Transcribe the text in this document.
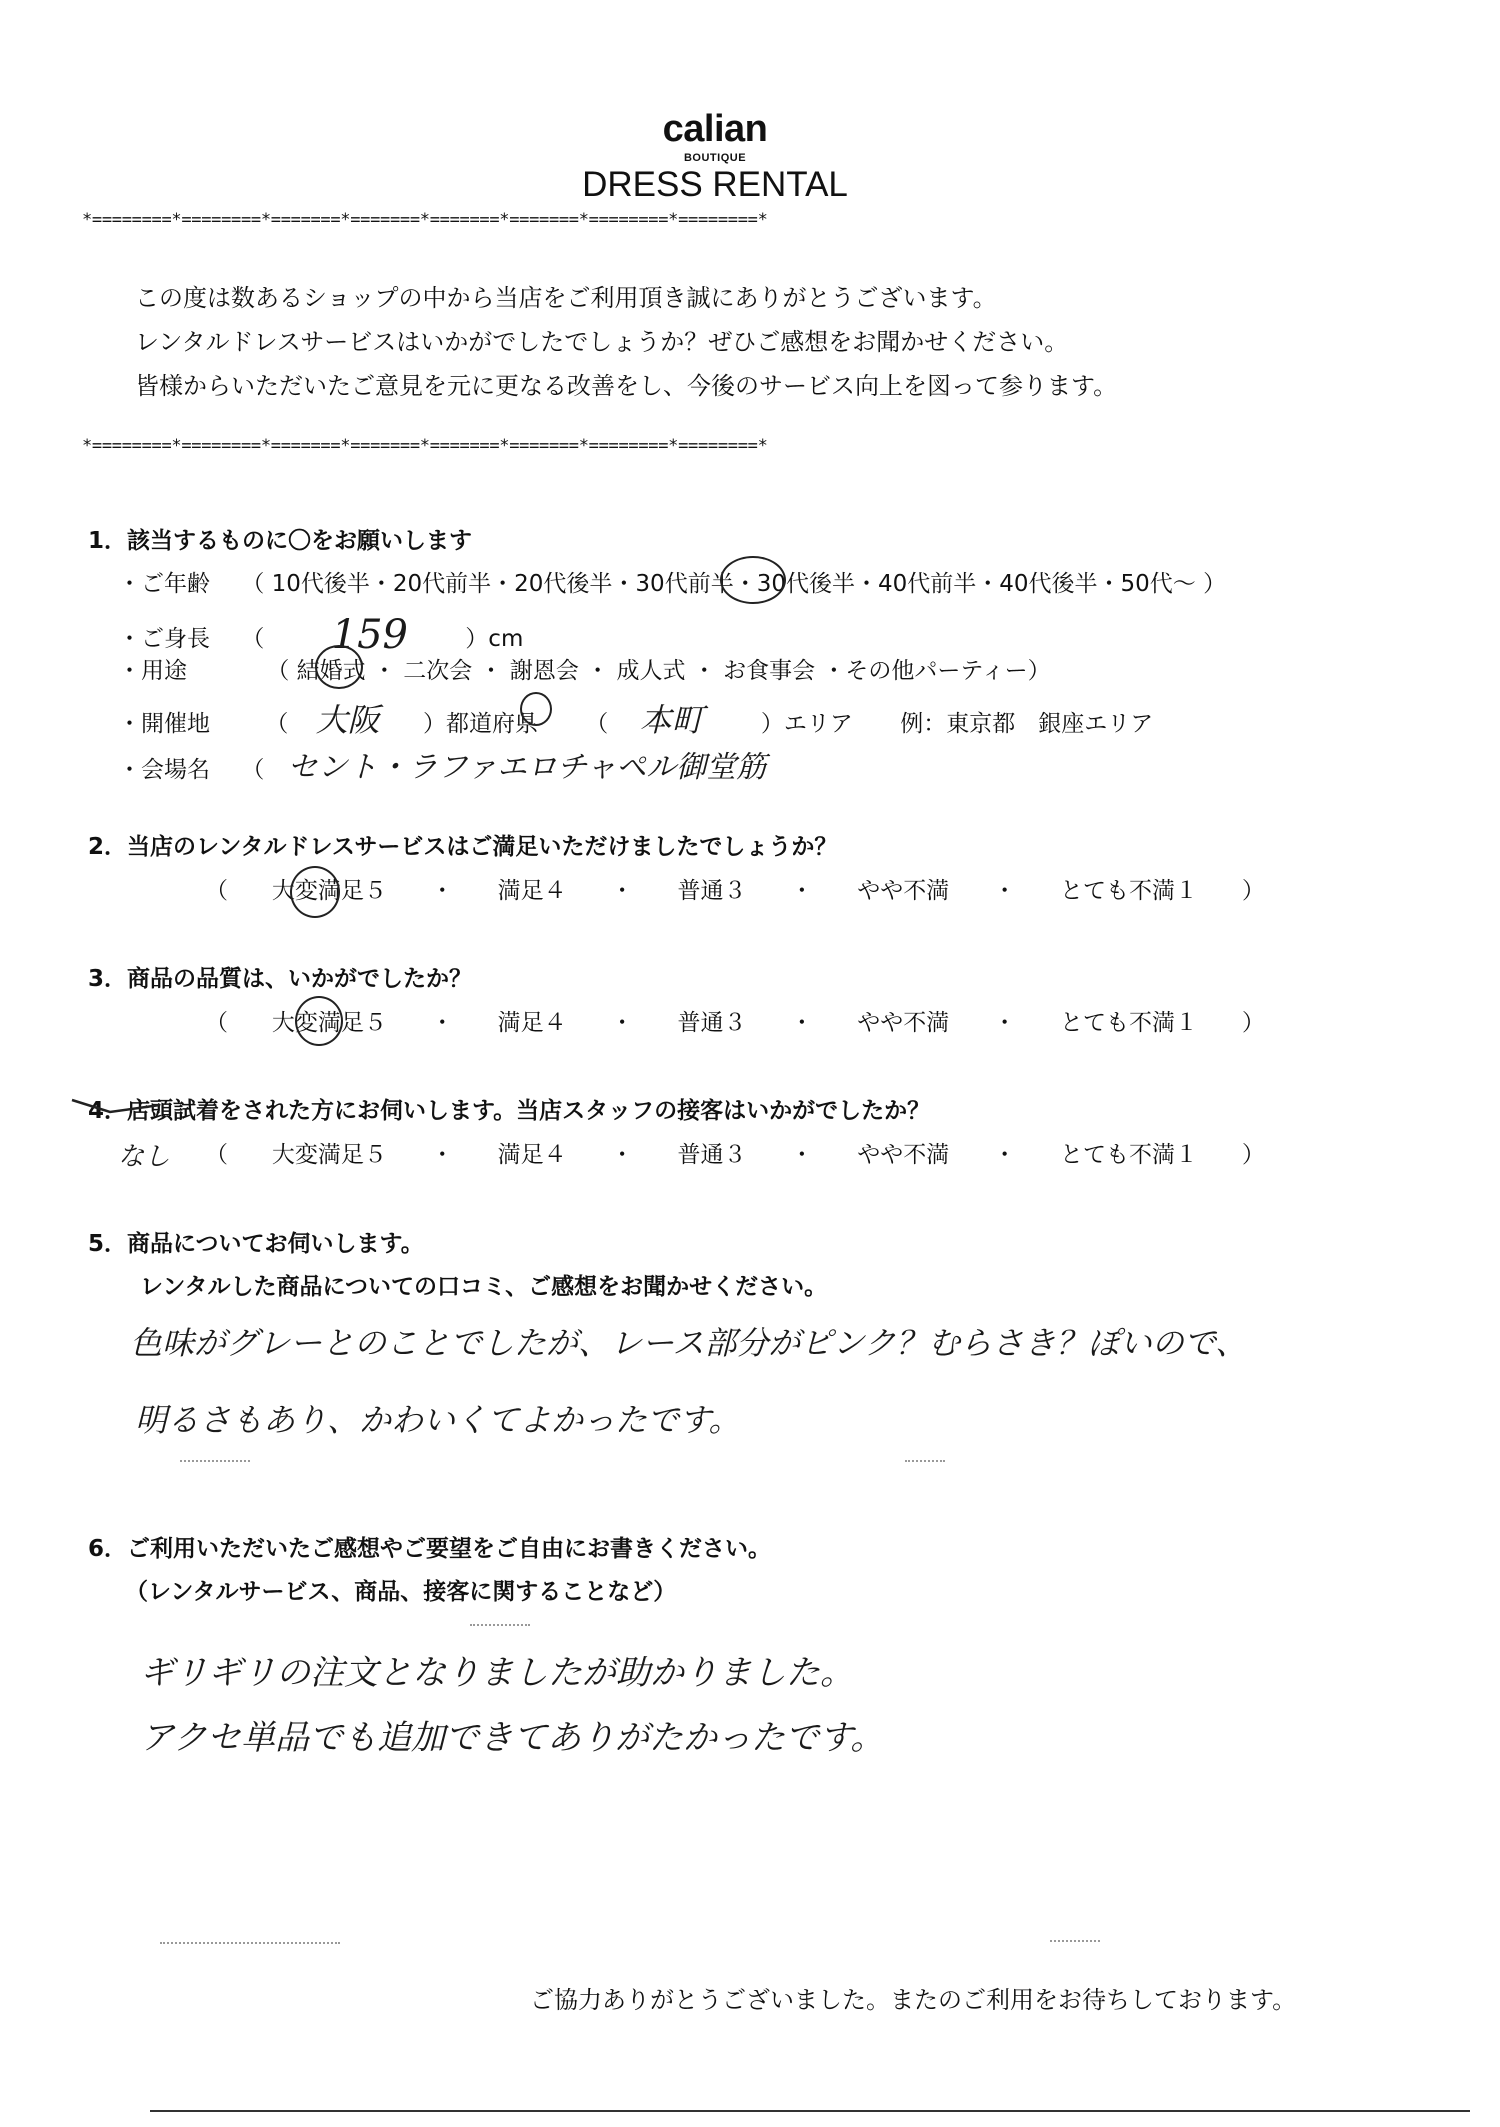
calian
BOUTIQUE
DRESS RENTAL
*========*========*=======*=======*=======*=======*========*========*
この度は数あるショップの中から当店をご利用頂き誠にありがとうございます。
レンタルドレスサービスはいかがでしたでしょうか？ぜひご感想をお聞かせください。
皆様からいただいたご意見を元に更なる改善をし、今後のサービス向上を図って参ります。
*========*========*=======*=======*=======*=======*========*========*
1．該当するものに〇をお願いします
・ご年齢 （ 10代後半・20代前半・20代後半・30代前半・30代後半・40代前半・40代後半・50代～ ）
・ご身長 （ 159 ）cm
・用途	（ 結婚式 ・ 二次会 ・ 謝恩会 ・ 成人式 ・ お食事会 ・その他パーティー）
・開催地 （ 大阪 ）都道府県 （ 本町 ）エリア 例：東京都　銀座エリア
・会場名 （ セント・ラファエロチャペル御堂筋
2．当店のレンタルドレスサービスはご満足いただけましたでしょうか？
（ 大変満足５ ・ 満足４ ・ 普通３ ・ やや不満 ・ とても不満１ ）
3．商品の品質は、いかがでしたか？
（ 大変満足５ ・ 満足４ ・ 普通３ ・ やや不満 ・ とても不満１ ）
4．店頭試着をされた方にお伺いします。当店スタッフの接客はいかがでしたか？
なし （ 大変満足５ ・ 満足４ ・ 普通３ ・ やや不満 ・ とても不満１ ）
5．商品についてお伺いします。
レンタルした商品についての口コミ、ご感想をお聞かせください。
色味がグレーとのことでしたが、レース部分がピンク？むらさき？ぽいので、
明るさもあり、かわいくてよかったです。
6．ご利用いただいたご感想やご要望をご自由にお書きください。
（レンタルサービス、商品、接客に関することなど）
ギリギリの注文となりましたが助かりました。
アクセ単品でも追加できてありがたかったです。
ご協力ありがとうございました。またのご利用をお待ちしております。
